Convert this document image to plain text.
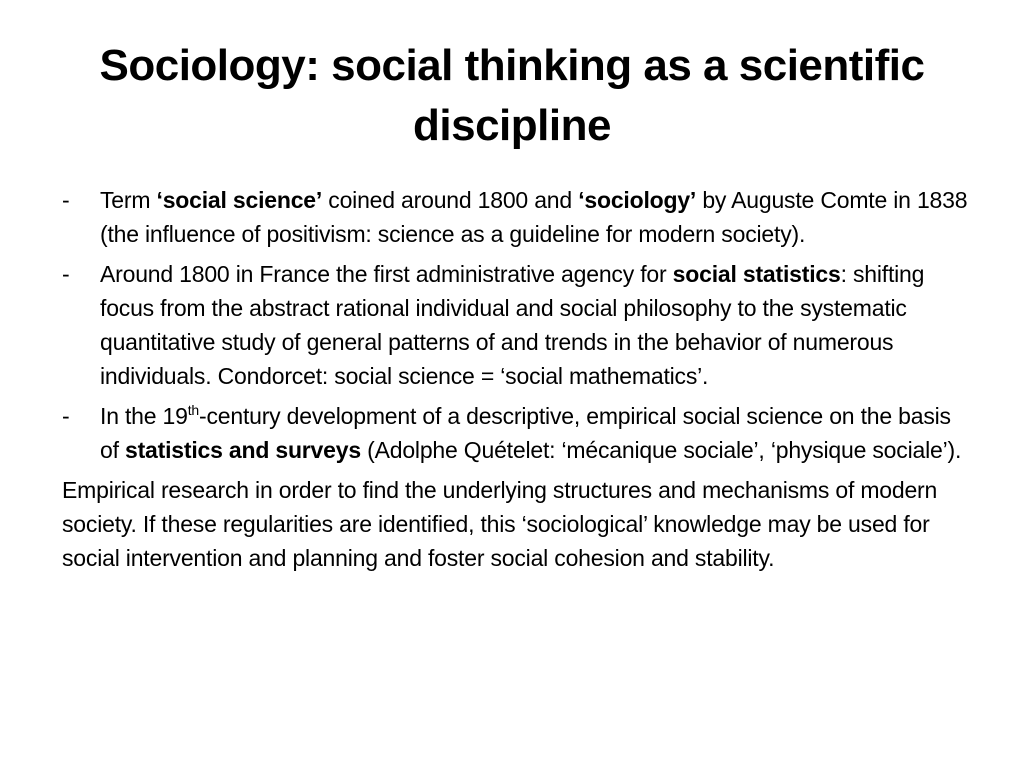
Sociology: social thinking as a scientific discipline
- Term ‘social science’ coined around 1800 and ‘sociology’ by Auguste Comte in 1838 (the influence of positivism: science as a guideline for modern society).
- Around 1800 in France the first administrative agency for social statistics: shifting focus from the abstract rational individual and social philosophy to the systematic quantitative study of general patterns of and trends in the behavior of numerous individuals. Condorcet: social science = ‘social mathematics’.
- In the 19th-century development of a descriptive, empirical social science on the basis of statistics and surveys (Adolphe Quételet: ‘mécanique sociale’, ‘physique sociale’).

Empirical research in order to find the underlying structures and mechanisms of modern society. If these regularities are identified, this ‘sociological’ knowledge may be used for social intervention and planning and foster social cohesion and stability.
